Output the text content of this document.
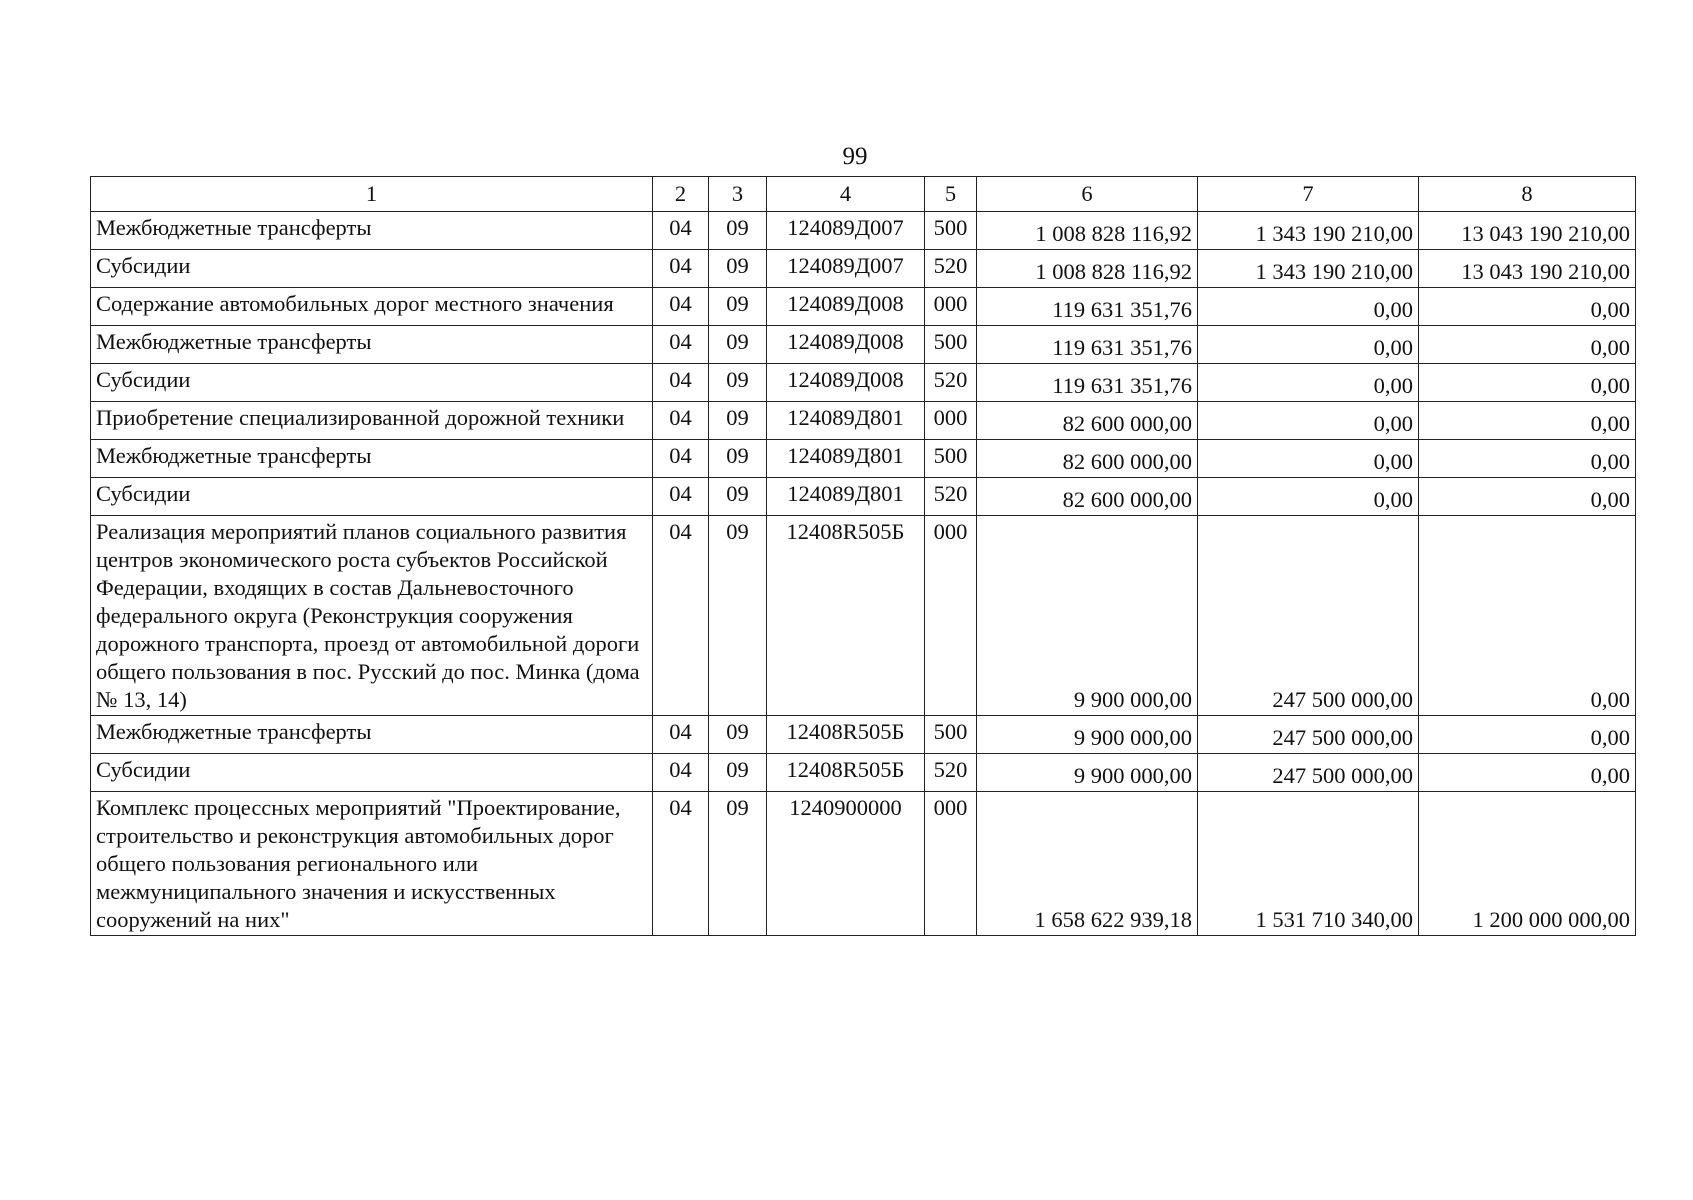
99
1	2	3	4	5	6	7	8
Межбюджетные трансферты	04	09	124089Д007	500	1 008 828 116,92	1 343 190 210,00	13 043 190 210,00
Субсидии	04	09	124089Д007	520	1 008 828 116,92	1 343 190 210,00	13 043 190 210,00
Содержание автомобильных дорог местного значения	04	09	124089Д008	000	119 631 351,76	0,00	0,00
Межбюджетные трансферты	04	09	124089Д008	500	119 631 351,76	0,00	0,00
Субсидии	04	09	124089Д008	520	119 631 351,76	0,00	0,00
Приобретение специализированной дорожной техники	04	09	124089Д801	000	82 600 000,00	0,00	0,00
Межбюджетные трансферты	04	09	124089Д801	500	82 600 000,00	0,00	0,00
Субсидии	04	09	124089Д801	520	82 600 000,00	0,00	0,00
Реализация мероприятий планов социального развития центров экономического роста субъектов Российской Федерации, входящих в состав Дальневосточного федерального округа (Реконструкция сооружения дорожного транспорта, проезд от автомобильной дороги общего пользования в пос. Русский до пос. Минка (дома № 13, 14)	04	09	12408R505Б	000	9 900 000,00	247 500 000,00	0,00
Межбюджетные трансферты	04	09	12408R505Б	500	9 900 000,00	247 500 000,00	0,00
Субсидии	04	09	12408R505Б	520	9 900 000,00	247 500 000,00	0,00
Комплекс процессных мероприятий "Проектирование, строительство и реконструкция автомобильных дорог общего пользования регионального или межмуниципального значения и искусственных сооружений на них"	04	09	1240900000	000	1 658 622 939,18	1 531 710 340,00	1 200 000 000,00
